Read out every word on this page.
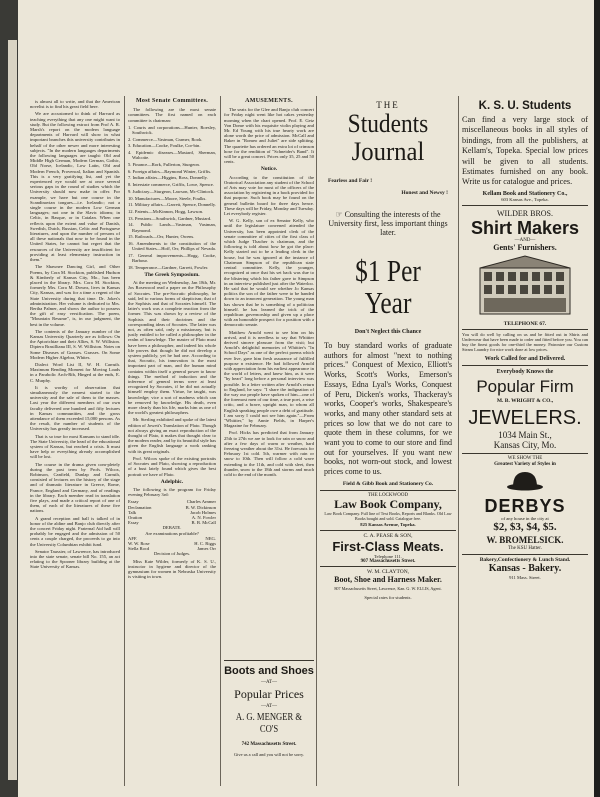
is almost all to write, and that the American novelist is to find his great field here.

We are accustomed to think of Harvard as teaching everything that any one might want to study. But the following extract from Prof A. R. Marsh's report on the modern language departments of Harvard will show in what important branches this university contributes in behalf of the other newer and more interesting subjects. "In the modern languages departments the following languages are taught: Old and Middle High German, Modern German, Gothic, Old Norse, Icelandic, Low Latin, Old and Modern French, Provencal, Italian and Spanish. This is a very gratifying list, and yet the experienced eye would see at once several serious gaps in the round of studies which the University should now make in offer. For example, we have but one course in the Scandinavian tongues—i.e. Icelandic; not a single course in the modern Low German languages; not one in the Slavic idioms; in Celtic, in Basque, or in Catalan. When one reflects upon the extent and value of Danish, Swedish, Dutch, Russian, Celtic and Portuguese literatures, and upon the number of persons of all these nationals that now to be found in the United States, he cannot but regret that the resources of the University are insufficient for providing at least elementary instruction in them."

The Shawnee Dancing Girl, and Other Poems, by Cora M. Stockton, published Hudson & Kimberly of Kansas City, Mo., has been placed in the library. Mrs. Cora M. Stockton, formerly Mrs. Cora M. Downs, lives in Kansas City, Kansas, and was for a time a regent of the State University during that time. Dr. Jokes's administration. Her volume is dedicated to Mrs. Bertha Palmer, and shows the author to possess the gift of easy versification. The poem, "Mountain Resume", is, in our judgment, the best in the volume.

The contents of the January number of the Kansas University Quarterly are as follows: On the Aptorichiae and their Allies, S. W. Williston. Diptera Brasilliana III, S. W. Williston. Notes on Some Diseases of Grasses. Grasses. On Some Modern Higher Algebra, Whites.

Dialect Word List II, W. H. Carruth. Maximum Bending Moment for Moving Loads in a Parabolic Arch-Rib, Hinged at the ends, E. C. Murphy.

It is worthy of observation that simultaneously the nearest started to the university and the sale of them to the masses. Last year the different members of our own faculty delivered one hundred and fifty lectures in Kansas communities, and the gross attendance of them exceeded 15,000 persons. As the result, the number of students of the University has greatly increased.

That is so true for most Kansans to stand idle. The State University, the head of the educational system of Kansas, but reached a crisis. It must have help or everything already accomplished will be lost.

The course in the drama given com-pletely during the past term by Profs. Wilcox, Robinson, Canfield, Dunlap and Carruth, consisted of lectures on the history of the stage and of dramatic literature in Greece, Rome, France, England and Germany, and of readings in the library. Each member read in translation five plays, and made a critical report of one of them, of each of the literatures of these five nations.

A grand reception and ball is talked of in honor of the aldine and Banjo club directly after the concert Friday night. Fraternal Aid hall will probably be engaged and the admission of 50 cents a couple charged, the proceeds to go into the University Columbian exhibit fund.

Senator Taussier, of Lawrence, has introduced into the state senate, senate bill No. 155, an act relating to the Spooner library building at the State University of Kansas.

Most Senate Committees.

The following are the most senate committees. The first named on each committee is chairman:

1. Courts and corporations—Hunter, Roesley, Southwick.
2. Commerce—Vastman, Cramer, Rook.
3. Education—Cooke, Foulke, Cor-bin.
4. Epidemic diseases—Mastard, Sherman, Walcotte.
5. Finance—Rork, Fullerton, Sturgeon.
6. Foreign affairs—Raymond Winter, Griffis.
7. Indian affairs—Higgins, Ross, Donnelly.
8. Interstate commerce, Griffis, Lowe, Spence.
9. Judiciary—Sturgeon, Lawson, Mc-Clintock.
10. Manufactures—Moore, Steele, Foulks.
11. Military affairs—Garrett, Spence, Donnelly.
12. Patents—McKinnon, Hogg, Lawson.
13. Pensions—Southwick, Gardner, Mustard.
14. Public Lands—Vastman, Vastman, Raymond.
15. Railroads—Orr, Hunter, Owens.
16. Amendments to the constitution of the United States—Hoff, Orr, Phillips of Nevada.
17. General improvements—Hogg, Cooke, Barbour.
18. Temperance—Gardner, Garrett, Fowler.
The Greek Symposium.

At the meeting on Wednesday, Jan 18th, Mr. Jos Rosewood read a paper on the Philosophy of Socrates. The pre-Socratic philosophy, he said, led to various forms of skepticism; that of the Sophists and that of Socrates himself. The latter's work was a complete reaction from the former. This was shown by a review of the Sophists and their doctrines and the corresponding ideas of Socrates. The latter was not, as often said, only a missionary, but is justly entitled to be called a philosopher in the realm of knowledge. The master of Plato must have been a philosopher, and indeed his whole life proves that though he did not develop a system publicly, yet he had one. According to that, Socratic, his innovation is the most important part of man, and the human mind contains within itself a general power to know things. The method of induction and the inference of general terms were at least recognized by Socrates, if he did not actually himself employ them. Virtue, he taught, was knowledge; vice a sort of madness which can be removed by knowledge. His death, even more clearly than his life, marks him as one of the world's greatest philosophers.

Mr. Sterling exhibited and spoke of the latest edition of Jowett's Translation of Plato. Though not always giving an exact reproduction of the thought of Plato, it makes that thought clear to the modern reader, and by its beautiful style has given the English language a work ranking with its great originals.

Prof. Wilcox spoke of the existing portraits of Socrates and Plato, showing a reproduction of a bust lately found which gives the best portrait we have of Plato.

Adelphic.

The following is the program for Friday evening February 3rd:

Essay	Charles Arnmer
Declamation	B. W. Dickinson
Talk	Jacob Holmes
Oration	A. N. Fowler
Essay	B. B. McCall
DEBATE.
Are examinations profitable?
AFF.	NEG.
W. W. Rose	H. C. Riggs
Stella Rocd	James Orr
Decision of Judges.

Miss Kate Wilder, formerly of K. S. U., instructor in hygiene and director of the gymnasium for women in Nebraska University is visiting in town.

AMUSEMENTS.

The seats for the Glee and Banjo club concert for Friday night went like hot cakes yesterday morning when the chart opened. Prof. E. Getz Von Dome with his exquisite violin playing and Mr. Ed Young with his true hearty work are alone worth the price of admission. McCall and Baker in "Romeo and Juliet" are side splitting. The quartette has ordered an extra lot of crimson hose for the rendition of "Schneider's Band". It will be a great concert. Prices only 35, 25 and 50 cents.

Notice.

According to the constitution of the Oratorical Association any student of the School of Arts may vote for most of the officers of the association by registering in a book provided for that purpose. Such book may be found on the general bulletin board for three days hence. These days will be Friday, Monday and Tuesday. Let everybody register.

W. G. Kelly, son of ex Senator Kelly, who until the legislature convened attended the University, has been appointed clerk of the senate committee of cities of the first class of which Judge Thacher is chairman, and the following is told about how he got the place: Kelly started out to be a leading clerk in the house, but he was ignored at the instance of Chairman Simpson of the republican state central committee. Kelly, the younger, recognized at once that his set back was due to the blistering which his father gave to Simpson in an interview published just after the Waterloo. He said that he would see whether Jo Kansas politics the son of the father were to be handed down to an innocent generation. The young man has shown that he is something of a politician himself. he has learned the trick of the republican governorship and given up a place with an honorable prospect for a position with a democratic senate.

Matthew Arnold went to see him on his arrival, and it is needless to say that Whittier derived sincere pleasure from the visit; but Arnold's delightful memories of Whittier's "In School Days" as one of the perfect poems which ever live, gave him fresh assurance of fulfilled purpose n existence. He had followed Arnold with appreciation from his earliest appearance in the world of letters, and knew him, as it were "by heart" long before a personal interview was possible. In a letter written after Arnold's return to England, he says: "I share the indignation of the way our people have spoken of him—one of the foremost men of our time, a true poet, a wise critic, and a brave, upright man, to whom all English speaking people owe a debt of gratitude. I am sorry I could not see him again."—From "Whittier," by Annie Fields, in Harper's Magazine for February.

Prof. Hicks has predicted that from January 25th to 27th we are to look for rain or snow and after a few days of warm or weather, hard freezing weather about the 31st. He forecasts for February 1st cold. 5th, warmer with rain or snow to 10th. Then will follow a cold wave extending to the 11th, and cold with sleet, then thunder, snow to the 18th and storms and much cold to the end of the month.

Boots and Shoes
—AT—
Popular Prices
—AT—
A. G. MENGER & CO'S
742 Massachusetts Street.
Give us a call and you will not be sorry.
THE
Students
Journal
Fearless and Fair !
Honest and Newsy !
☞ Consulting the interests of the University first, less important things later.
$1 Per Year
Don't Neglect this Chance
To buy standard works of graduate authors for almost "next to nothing prices." Conquest of Mexico, Elliott's Works, Scott's Works, Emerson's Essays, Edna Lyal's Works, Conquest of Peru, Dicken's works, Thackeray's works, Cooper's works, Shakespeare's works, and many other standard sets at prices so low that we do not care to quote them in these columns, for we want you to come to our store and find out for yourselves. If you want new books, not worn-out stock, and lowest prices come to us.
Field & Gibb Book and Stationery Co.
THE LOCKWOOD
Law Book Company,
Law Book Company. Full line of Text Books, Reports and Blanks. Old Law Books bought and sold. Catalogue free.
825 Kansas Avenue, Topeka.
C. A. PEASE & SON,
First-Class Meats.
Telephone 111.
907 Massachusetts Street.
W. M. CLAYTON,
Boot, Shoe and Harness Maker.
807 Massachusetts Street, Lawrence, Kan. G. W. ELLIS, Agent.
Special rates for students.
K. S. U. Students
Can find a very large stock of miscellaneous books in all styles of bindings, from all the publishers, at Kellam's, Topeka. Special low prices will be given to all students. Estimates furnished on any book. Write us for catalogue and prices.
Kellam Book and Stationery Co.,
603 Kansas Ave., Topeka.
WILDER BROS.
Shirt Makers
—AND—
Gents' Furnishers.
TELEPHONE 67.
You will do well by calling on us and be fitted out in Shirts and Underwear that have been made to order and fitted before you. You can buy the finest goods for one-third the money. Patronize our Custom Steam Laundry for nice work done at low prices.
Work Called for and Delivered.
Everybody Knows the
Popular Firm
M. B. WRIGHT & CO.,
JEWELERS.
1034 Main St.,
Kansas City, Mo.
WE SHOW THE
Greatest Variety of Styles in
DERBYS
of any house in the city at
$2, $3, $4, $5.
W. BROMELSICK.
The KSU Hatter.
Bakery,Confectionery & Lunch Stand.
Kansas - Bakery.
911 Mass. Street.
